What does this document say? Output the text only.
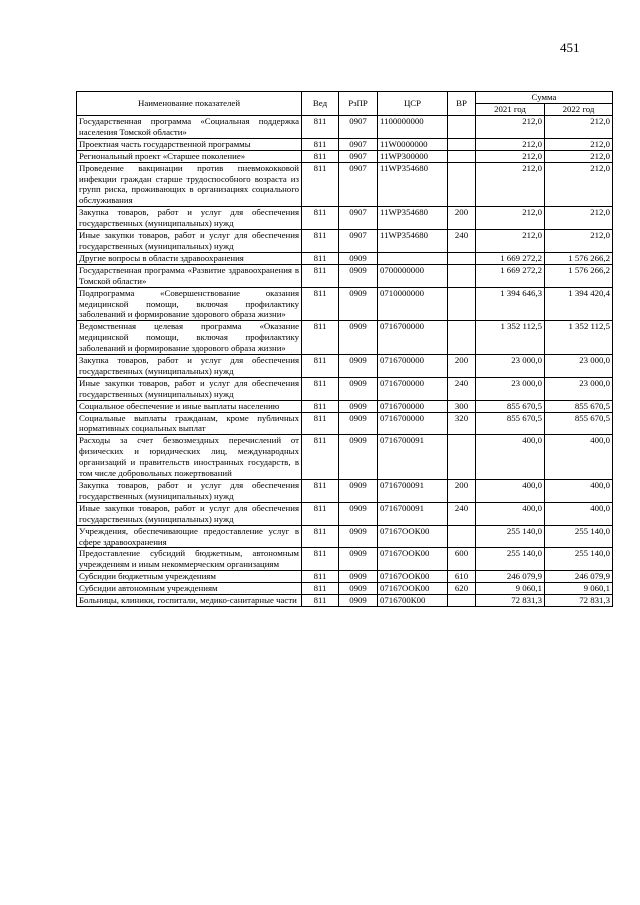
451
Наименование показателей	Вед	РзПР	ЦСР	ВР	Сумма	
					2021 год	2022 год
Государственная программа «Социальная поддержка населения Томской области»	811	0907	1100000000		212,0	212,0
Проектная часть государственной программы	811	0907	11W0000000		212,0	212,0
Региональный проект «Старшее поколение»	811	0907	11WP300000		212,0	212,0
Проведение вакцинации против пневмококковой инфекции граждан старше трудоспособного возраста из групп риска, проживающих в организациях социального обслуживания	811	0907	11WP354680		212,0	212,0
Закупка товаров, работ и услуг для обеспечения государственных (муниципальных) нужд	811	0907	11WP354680	200	212,0	212,0
Иные закупки товаров, работ и услуг для обеспечения государственных (муниципальных) нужд	811	0907	11WP354680	240	212,0	212,0
Другие вопросы в области здравоохранения	811	0909			1 669 272,2	1 576 266,2
Государственная программа «Развитие здравоохранения в Томской области»	811	0909	0700000000		1 669 272,2	1 576 266,2
Подпрограмма «Совершенствование оказания медицинской помощи, включая профилактику заболеваний и формирование здорового образа жизни»	811	0909	0710000000		1 394 646,3	1 394 420,4
Ведомственная целевая программа «Оказание медицинской помощи, включая профилактику заболеваний и формирование здорового образа жизни»	811	0909	0716700000		1 352 112,5	1 352 112,5
Закупка товаров, работ и услуг для обеспечения государственных (муниципальных) нужд	811	0909	0716700000	200	23 000,0	23 000,0
Иные закупки товаров, работ и услуг для обеспечения государственных (муниципальных) нужд	811	0909	0716700000	240	23 000,0	23 000,0
Социальное обеспечение и иные выплаты населению	811	0909	0716700000	300	855 670,5	855 670,5
Социальные выплаты гражданам, кроме публичных нормативных социальных выплат	811	0909	0716700000	320	855 670,5	855 670,5
Расходы за счет безвозмездных перечислений от физических и юридических лиц, международных организаций и правительств иностранных государств, в том числе добровольных пожертвований	811	0909	0716700091		400,0	400,0
Закупка товаров, работ и услуг для обеспечения государственных (муниципальных) нужд	811	0909	0716700091	200	400,0	400,0
Иные закупки товаров, работ и услуг для обеспечения государственных (муниципальных) нужд	811	0909	0716700091	240	400,0	400,0
Учреждения, обеспечивающие предоставление услуг в сфере здравоохранения	811	0909	07167ООК00		255 140,0	255 140,0
Предоставление субсидий бюджетным, автономным учреждениям и иным некоммерческим организациям	811	0909	07167ООК00	600	255 140,0	255 140,0
Субсидии бюджетным учреждениям	811	0909	07167ООК00	610	246 079,9	246 079,9
Субсидии автономным учреждениям	811	0909	07167ООК00	620	9 060,1	9 060,1
Больницы, клиники, госпитали, медико-санитарные части	811	0909	0716700К00		72 831,3	72 831,3
